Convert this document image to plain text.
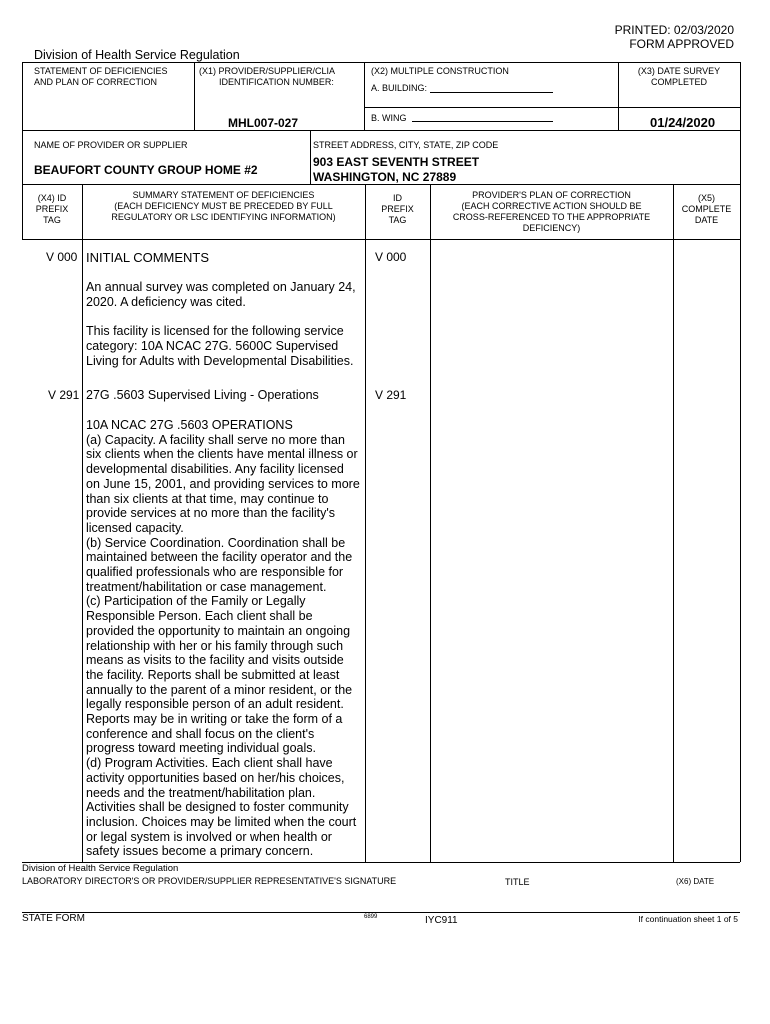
PRINTED: 02/03/2020
FORM APPROVED
Division of Health Service Regulation
STATEMENT OF DEFICIENCIES
AND PLAN OF CORRECTION
(X1) PROVIDER/SUPPLIER/CLIA
IDENTIFICATION NUMBER:
MHL007-027
(X2) MULTIPLE CONSTRUCTION
A. BUILDING:
B. WING
(X3) DATE SURVEY
COMPLETED
01/24/2020
NAME OF PROVIDER OR SUPPLIER
BEAUFORT COUNTY GROUP HOME #2
STREET ADDRESS, CITY, STATE, ZIP CODE
903 EAST SEVENTH STREET
WASHINGTON, NC 27889
(X4) ID
PREFIX
TAG
SUMMARY STATEMENT OF DEFICIENCIES
(EACH DEFICIENCY MUST BE PRECEDED BY FULL
REGULATORY OR LSC IDENTIFYING INFORMATION)
ID
PREFIX
TAG
PROVIDER'S PLAN OF CORRECTION
(EACH CORRECTIVE ACTION SHOULD BE
CROSS-REFERENCED TO THE APPROPRIATE
DEFICIENCY)
(X5)
COMPLETE
DATE
V 000	V 000
INITIAL COMMENTS
An annual survey was completed on January 24,
2020. A deficiency was cited.
This facility is licensed for the following service
category: 10A NCAC 27G. 5600C Supervised
Living for Adults with Developmental Disabilities.
V 291	V 291
27G .5603 Supervised Living - Operations
10A NCAC 27G .5603 OPERATIONS
(a) Capacity. A facility shall serve no more than
six clients when the clients have mental illness or
developmental disabilities. Any facility licensed
on June 15, 2001, and providing services to more
than six clients at that time, may continue to
provide services at no more than the facility's
licensed capacity.
(b) Service Coordination. Coordination shall be
maintained between the facility operator and the
qualified professionals who are responsible for
treatment/habilitation or case management.
(c) Participation of the Family or Legally
Responsible Person. Each client shall be
provided the opportunity to maintain an ongoing
relationship with her or his family through such
means as visits to the facility and visits outside
the facility. Reports shall be submitted at least
annually to the parent of a minor resident, or the
legally responsible person of an adult resident.
Reports may be in writing or take the form of a
conference and shall focus on the client's
progress toward meeting individual goals.
(d) Program Activities. Each client shall have
activity opportunities based on her/his choices,
needs and the treatment/habilitation plan.
Activities shall be designed to foster community
inclusion. Choices may be limited when the court
or legal system is involved or when health or
safety issues become a primary concern.
Division of Health Service Regulation
LABORATORY DIRECTOR'S OR PROVIDER/SUPPLIER REPRESENTATIVE'S SIGNATURE	TITLE	(X6) DATE
STATE FORM	6899	IYC911	If continuation sheet 1 of 5
